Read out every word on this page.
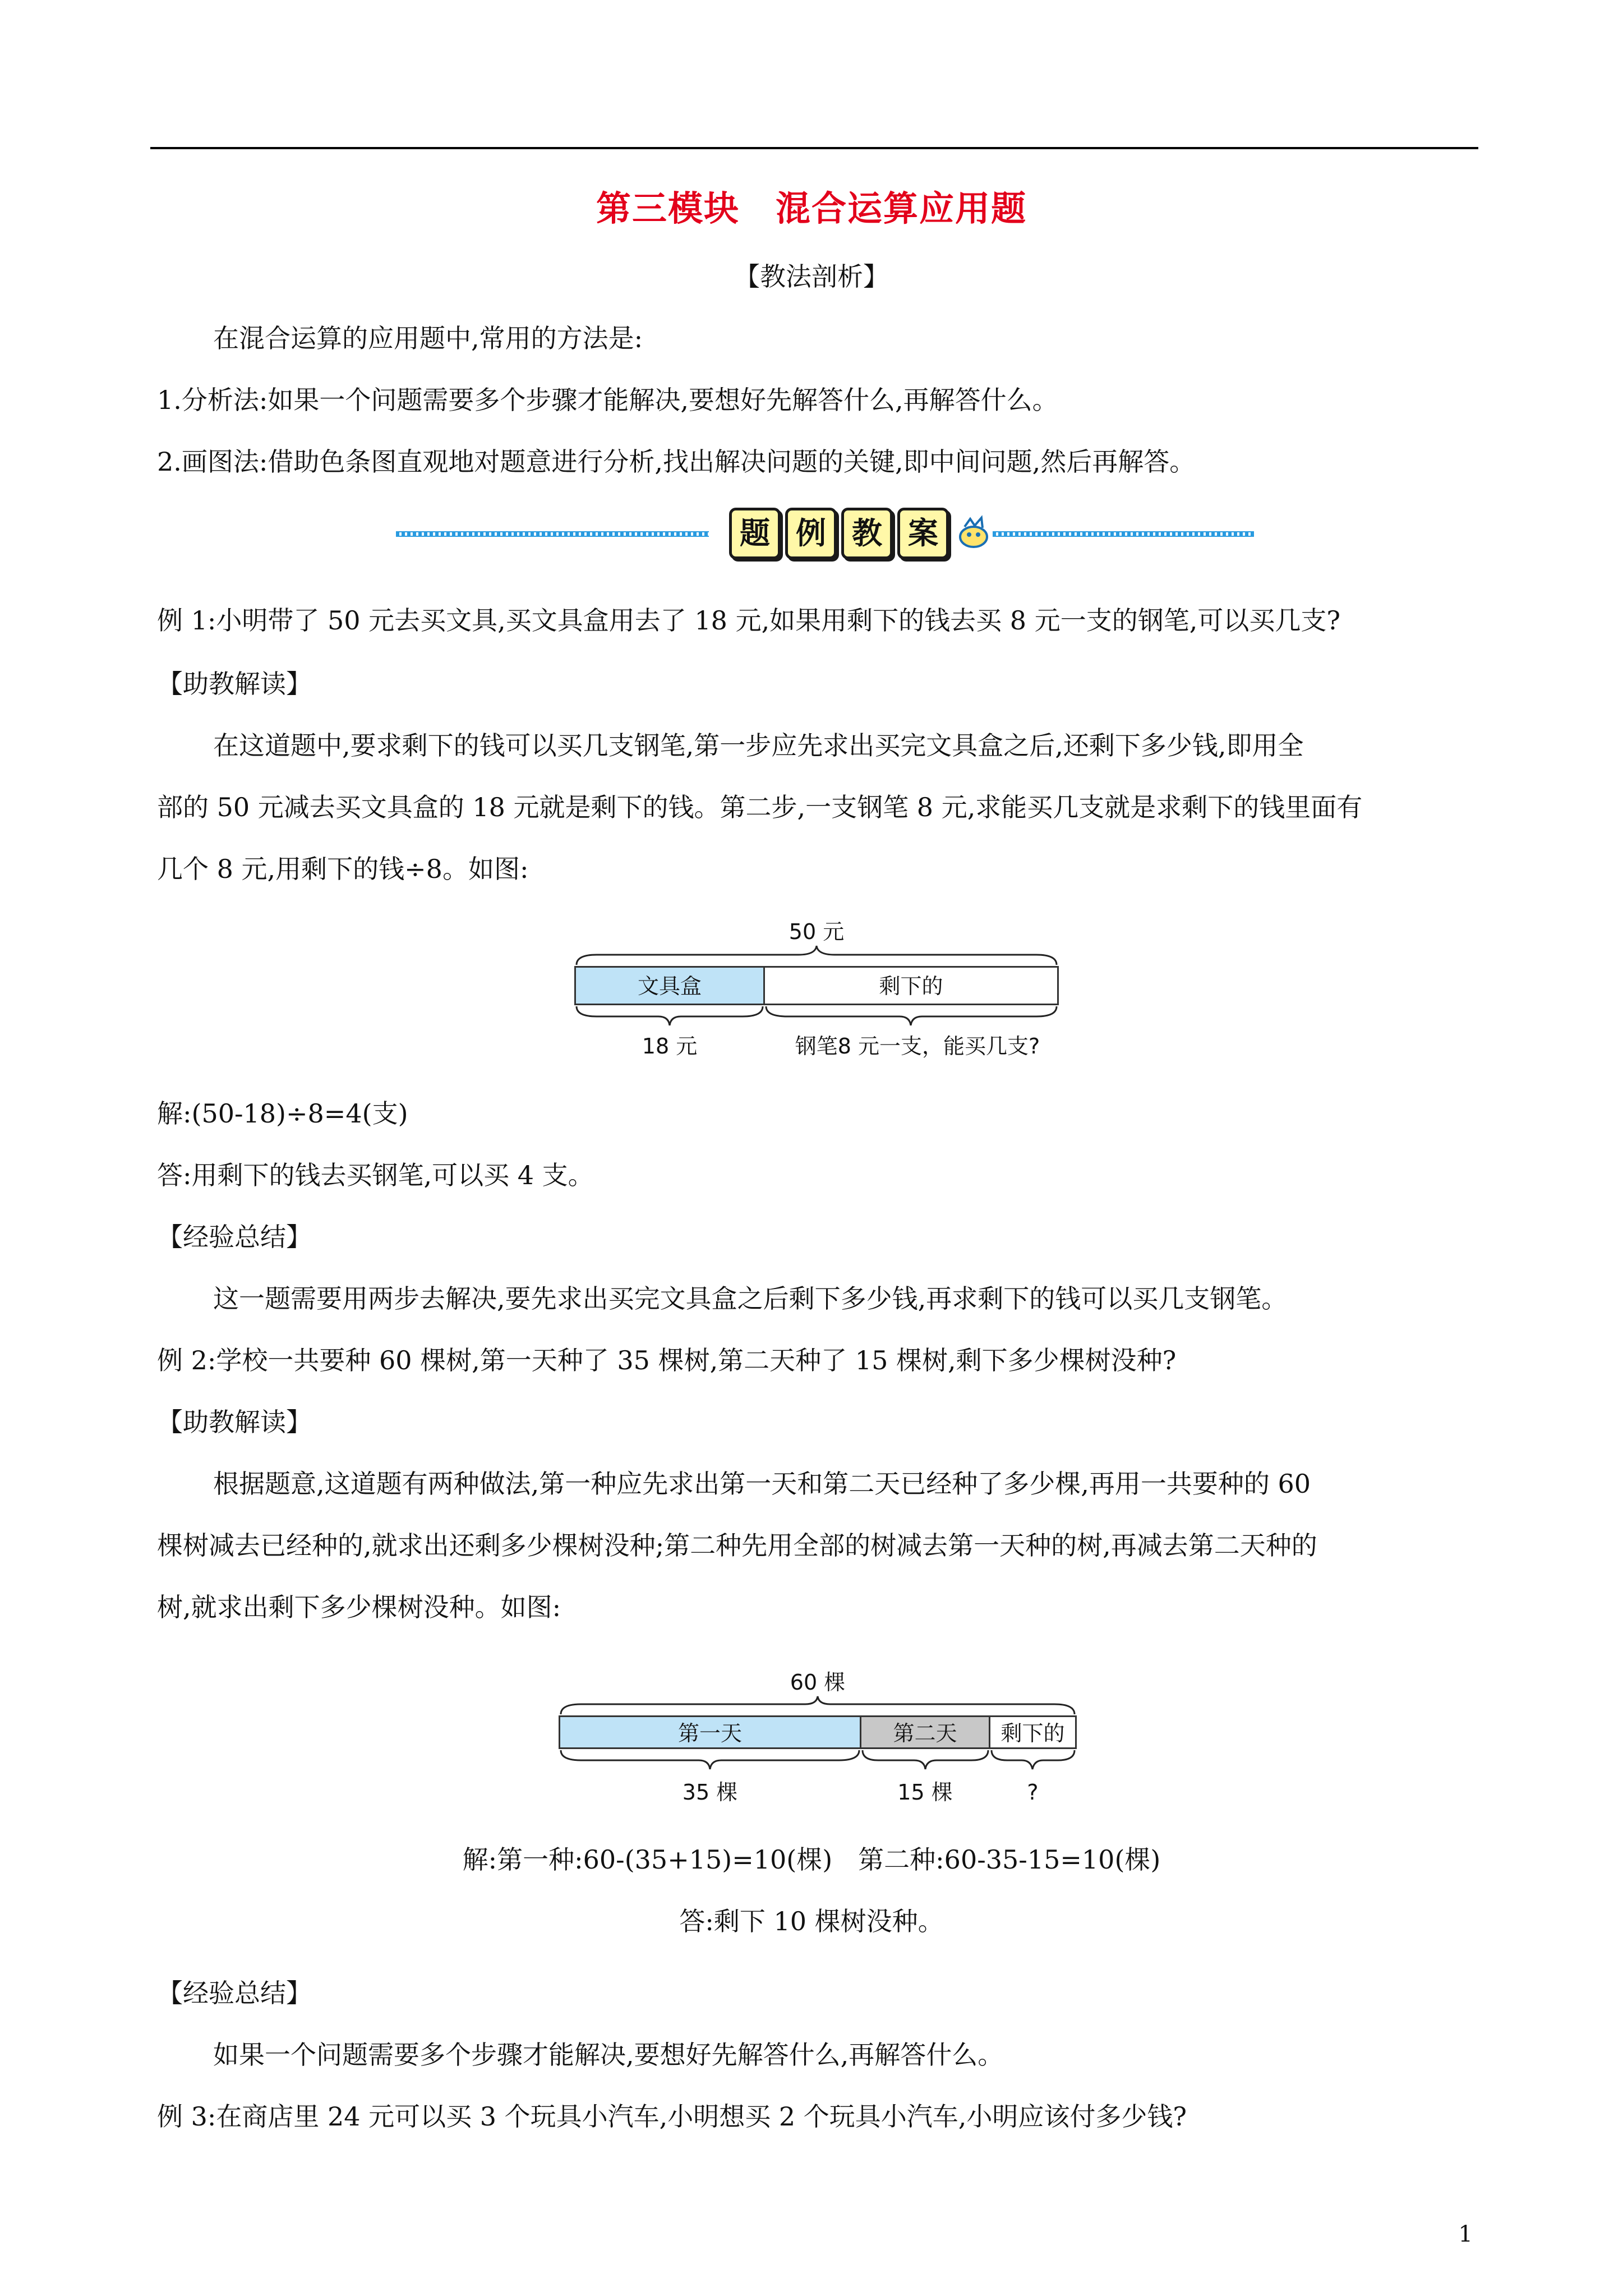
第三模块　混合运算应用题
【教法剖析】
在混合运算的应用题中,常用的方法是:
1.分析法:如果一个问题需要多个步骤才能解决,要想好先解答什么,再解答什么。
2.画图法:借助色条图直观地对题意进行分析,找出解决问题的关键,即中间问题,然后再解答。
题 例 教 案
例 1:小明带了 50 元去买文具,买文具盒用去了 18 元,如果用剩下的钱去买 8 元一支的钢笔,可以买几支?
【助教解读】
在这道题中,要求剩下的钱可以买几支钢笔,第一步应先求出买完文具盒之后,还剩下多少钱,即用全
部的 50 元减去买文具盒的 18 元就是剩下的钱。第二步,一支钢笔 8 元,求能买几支就是求剩下的钱里面有
几个 8 元,用剩下的钱÷8。如图:
50 元
文具盒	剩下的
18 元	钢笔8 元一支，能买几支?
解:(50-18)÷8=4(支)
答:用剩下的钱去买钢笔,可以买 4 支。
【经验总结】
这一题需要用两步去解决,要先求出买完文具盒之后剩下多少钱,再求剩下的钱可以买几支钢笔。
例 2:学校一共要种 60 棵树,第一天种了 35 棵树,第二天种了 15 棵树,剩下多少棵树没种?
【助教解读】
根据题意,这道题有两种做法,第一种应先求出第一天和第二天已经种了多少棵,再用一共要种的 60
棵树减去已经种的,就求出还剩多少棵树没种;第二种先用全部的树减去第一天种的树,再减去第二天种的
树,就求出剩下多少棵树没种。如图:
60 棵
第一天	第二天	剩下的
35 棵	15 棵	?
解:第一种:60-(35+15)=10(棵)　第二种:60-35-15=10(棵)
答:剩下 10 棵树没种。
【经验总结】
如果一个问题需要多个步骤才能解决,要想好先解答什么,再解答什么。
例 3:在商店里 24 元可以买 3 个玩具小汽车,小明想买 2 个玩具小汽车,小明应该付多少钱?
1
